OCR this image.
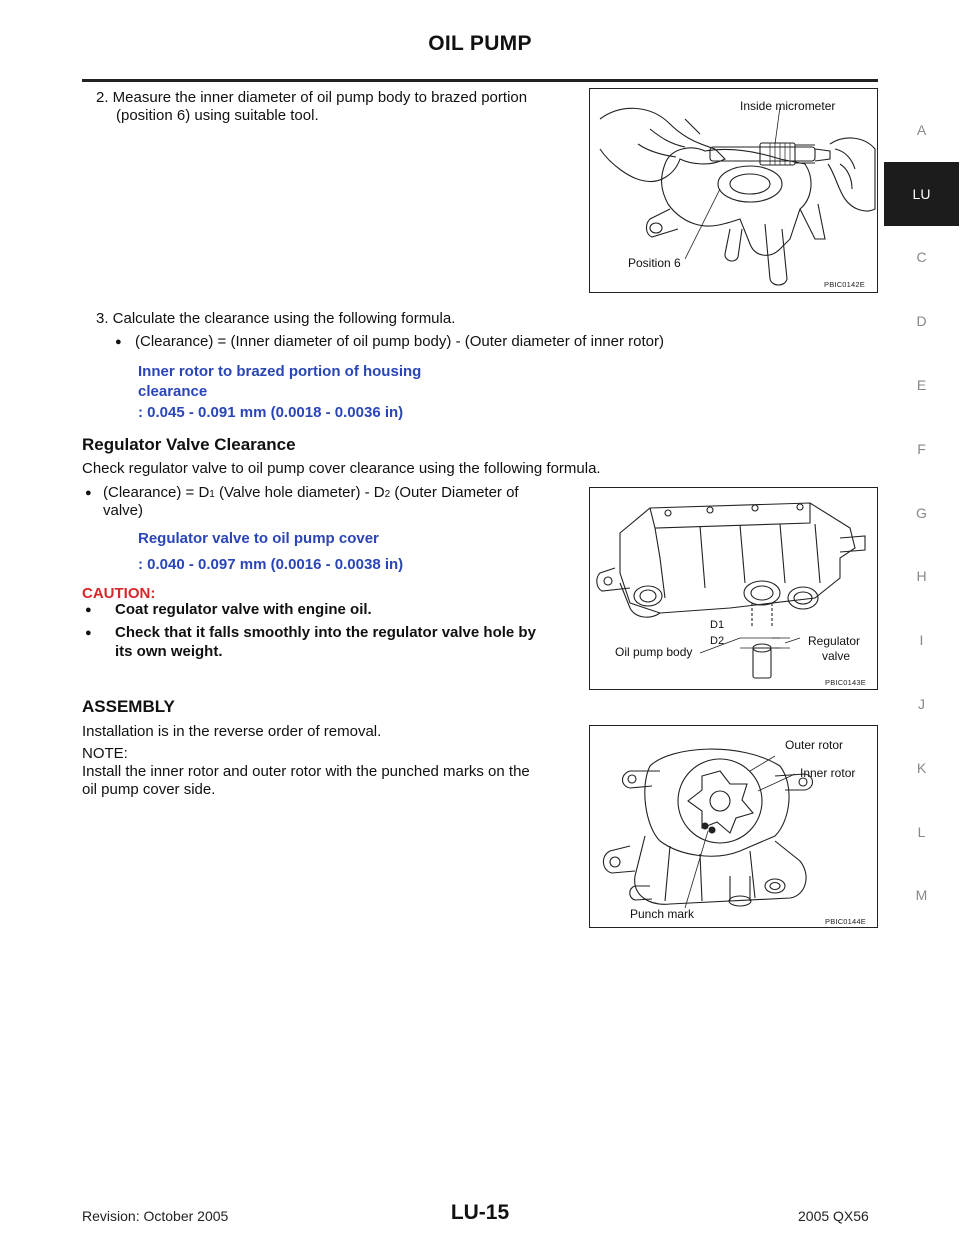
OIL PUMP
A
LU
C
D
E
F
G
H
I
J
K
L
M
2. Measure the inner diameter of oil pump body to brazed portion
(position 6) using suitable tool.
Inside micrometer
Position 6
PBIC0142E
3. Calculate the clearance using the following formula.
● (Clearance) = (Inner diameter of oil pump body) - (Outer diameter of inner rotor)
Inner rotor to brazed portion of housing
clearance
: 0.045 - 0.091 mm (0.0018 - 0.0036 in)
Regulator Valve Clearance
Check regulator valve to oil pump cover clearance using the following formula.
● (Clearance) = D1 (Valve hole diameter) - D2 (Outer Diameter of
valve)
Regulator valve to oil pump cover
: 0.040 - 0.097 mm (0.0016 - 0.0038 in)
CAUTION:
● Coat regulator valve with engine oil.
● Check that it falls smoothly into the regulator valve hole by
its own weight.
D1
D2
Oil pump body
Regulator
valve
PBIC0143E
ASSEMBLY
Installation is in the reverse order of removal.
NOTE:
Install the inner rotor and outer rotor with the punched marks on the
oil pump cover side.
Outer rotor
Inner rotor
Punch mark
PBIC0144E
Revision: October 2005	LU-15	2005 QX56
